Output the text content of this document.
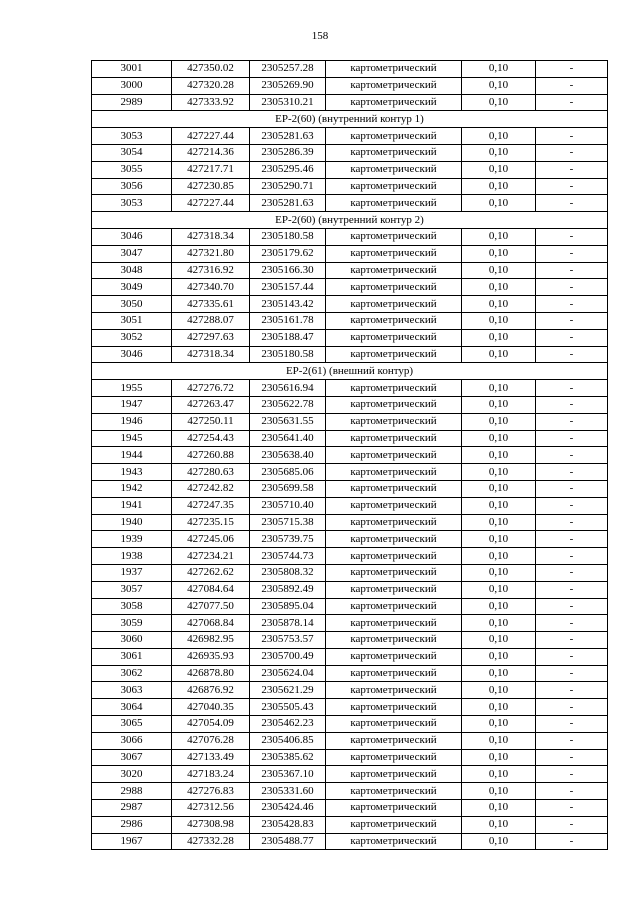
158
3001	427350.02	2305257.28	картометрический	0,10	-
3000	427320.28	2305269.90	картометрический	0,10	-
2989	427333.92	2305310.21	картометрический	0,10	-
ЕР-2(60) (внутренний контур 1)					
3053	427227.44	2305281.63	картометрический	0,10	-
3054	427214.36	2305286.39	картометрический	0,10	-
3055	427217.71	2305295.46	картометрический	0,10	-
3056	427230.85	2305290.71	картометрический	0,10	-
3053	427227.44	2305281.63	картометрический	0,10	-
ЕР-2(60) (внутренний контур 2)					
3046	427318.34	2305180.58	картометрический	0,10	-
3047	427321.80	2305179.62	картометрический	0,10	-
3048	427316.92	2305166.30	картометрический	0,10	-
3049	427340.70	2305157.44	картометрический	0,10	-
3050	427335.61	2305143.42	картометрический	0,10	-
3051	427288.07	2305161.78	картометрический	0,10	-
3052	427297.63	2305188.47	картометрический	0,10	-
3046	427318.34	2305180.58	картометрический	0,10	-
ЕР-2(61) (внешний контур)					
1955	427276.72	2305616.94	картометрический	0,10	-
1947	427263.47	2305622.78	картометрический	0,10	-
1946	427250.11	2305631.55	картометрический	0,10	-
1945	427254.43	2305641.40	картометрический	0,10	-
1944	427260.88	2305638.40	картометрический	0,10	-
1943	427280.63	2305685.06	картометрический	0,10	-
1942	427242.82	2305699.58	картометрический	0,10	-
1941	427247.35	2305710.40	картометрический	0,10	-
1940	427235.15	2305715.38	картометрический	0,10	-
1939	427245.06	2305739.75	картометрический	0,10	-
1938	427234.21	2305744.73	картометрический	0,10	-
1937	427262.62	2305808.32	картометрический	0,10	-
3057	427084.64	2305892.49	картометрический	0,10	-
3058	427077.50	2305895.04	картометрический	0,10	-
3059	427068.84	2305878.14	картометрический	0,10	-
3060	426982.95	2305753.57	картометрический	0,10	-
3061	426935.93	2305700.49	картометрический	0,10	-
3062	426878.80	2305624.04	картометрический	0,10	-
3063	426876.92	2305621.29	картометрический	0,10	-
3064	427040.35	2305505.43	картометрический	0,10	-
3065	427054.09	2305462.23	картометрический	0,10	-
3066	427076.28	2305406.85	картометрический	0,10	-
3067	427133.49	2305385.62	картометрический	0,10	-
3020	427183.24	2305367.10	картометрический	0,10	-
2988	427276.83	2305331.60	картометрический	0,10	-
2987	427312.56	2305424.46	картометрический	0,10	-
2986	427308.98	2305428.83	картометрический	0,10	-
1967	427332.28	2305488.77	картометрический	0,10	-
